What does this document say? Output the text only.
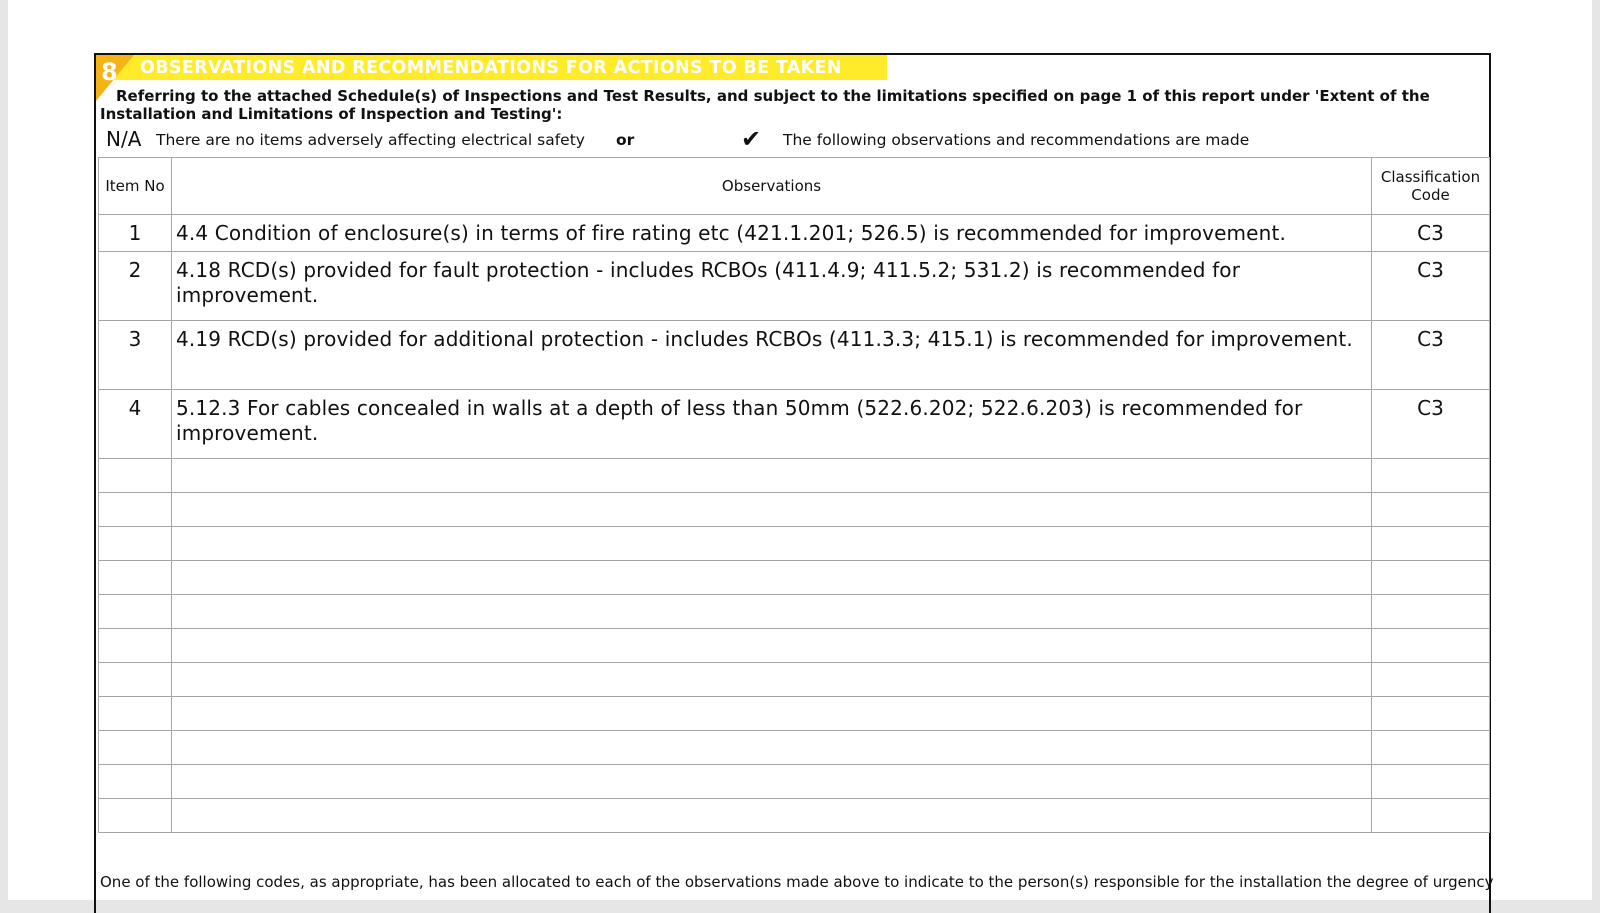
8	OBSERVATIONS AND RECOMMENDATIONS FOR ACTIONS TO BE TAKEN
Referring to the attached Schedule(s) of Inspections and Test Results, and subject to the limitations specified on page 1 of this report under 'Extent of the Installation and Limitations of Inspection and Testing':
N/A There are no items adversely affecting electrical safety or	✔ The following observations and recommendations are made
Item No	Observations	Classification Code
1	4.4 Condition of enclosure(s) in terms of fire rating etc (421.1.201; 526.5) is recommended for improvement.	C3
2	4.18 RCD(s) provided for fault protection - includes RCBOs (411.4.9; 411.5.2; 531.2) is recommended for improvement.	C3
3	4.19 RCD(s) provided for additional protection - includes RCBOs (411.3.3; 415.1) is recommended for improvement.	C3
4	5.12.3 For cables concealed in walls at a depth of less than 50mm (522.6.202; 522.6.203) is recommended for improvement.	C3

One of the following codes, as appropriate, has been allocated to each of the observations made above to indicate to the person(s) responsible for the installation the degree of urgency
